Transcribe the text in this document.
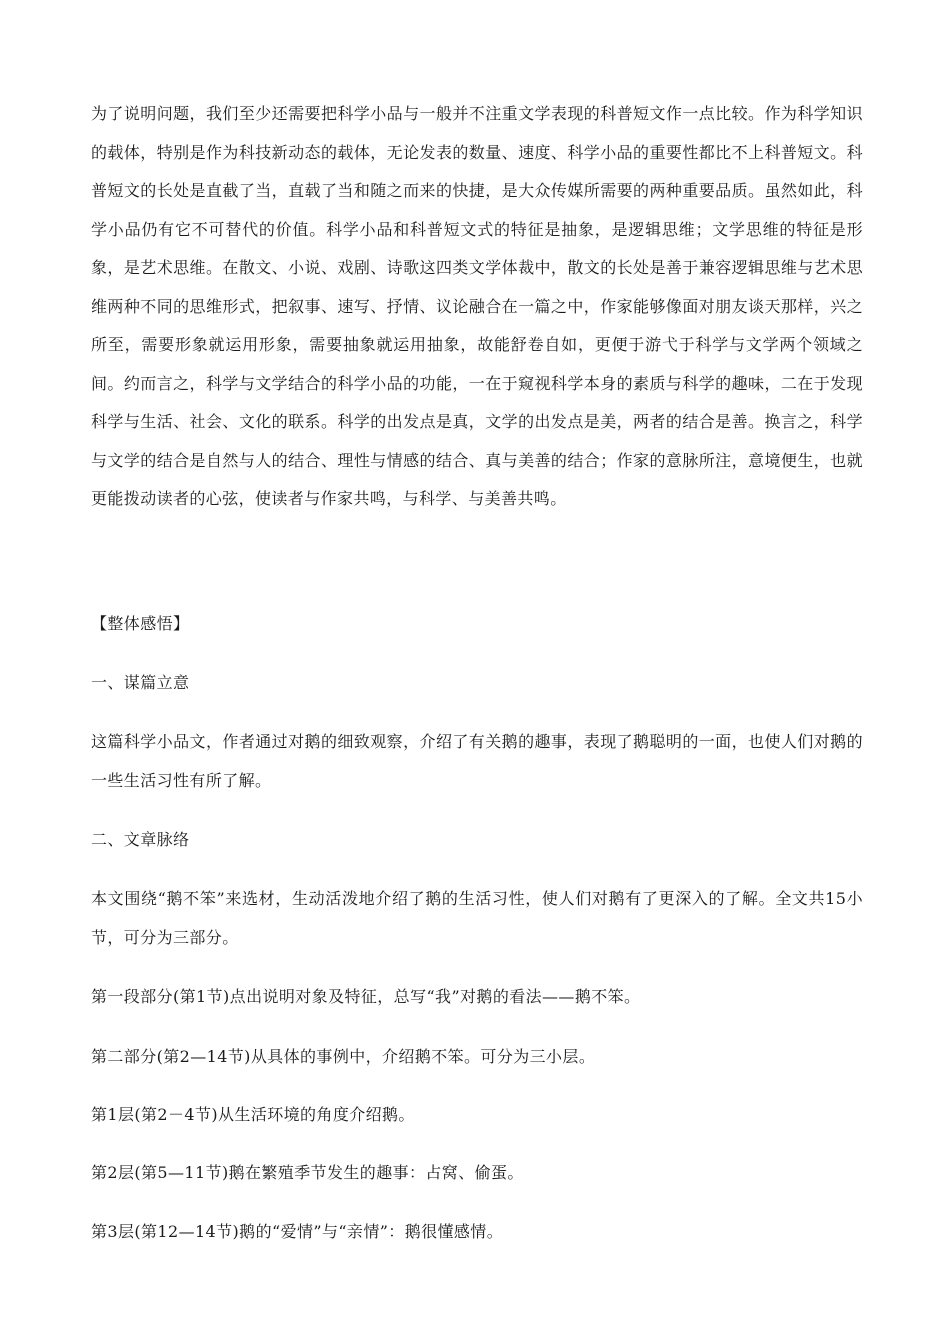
为了说明问题，我们至少还需要把科学小品与一般并不注重文学表现的科普短文作一点比较。作为科学知识的载体，特别是作为科技新动态的载体，无论发表的数量、速度、科学小品的重要性都比不上科普短文。科普短文的长处是直截了当，直载了当和随之而来的快捷，是大众传媒所需要的两种重要品质。虽然如此，科学小品仍有它不可替代的价值。科学小品和科普短文式的特征是抽象，是逻辑思维；文学思维的特征是形象，是艺术思维。在散文、小说、戏剧、诗歌这四类文学体裁中，散文的长处是善于兼容逻辑思维与艺术思维两种不同的思维形式，把叙事、速写、抒情、议论融合在一篇之中，作家能够像面对朋友谈天那样，兴之所至，需要形象就运用形象，需要抽象就运用抽象，故能舒卷自如，更便于游弋于科学与文学两个领域之间。约而言之，科学与文学结合的科学小品的功能，一在于窥视科学本身的素质与科学的趣味，二在于发现科学与生活、社会、文化的联系。科学的出发点是真，文学的出发点是美，两者的结合是善。换言之，科学与文学的结合是自然与人的结合、理性与情感的结合、真与美善的结合；作家的意脉所注，意境便生，也就更能拨动读者的心弦，使读者与作家共鸣，与科学、与美善共鸣。

【整体感悟】

一、谋篇立意

这篇科学小品文，作者通过对鹅的细致观察，介绍了有关鹅的趣事，表现了鹅聪明的一面，也使人们对鹅的一些生活习性有所了解。

二、文章脉络

本文围绕“鹅不笨”来选材，生动活泼地介绍了鹅的生活习性，使人们对鹅有了更深入的了解。全文共15小节，可分为三部分。

第一段部分(第1节)点出说明对象及特征，总写“我”对鹅的看法——鹅不笨。

第二部分(第2—14节)从具体的事例中，介绍鹅不笨。可分为三小层。

第1层(第2－4节)从生活环境的角度介绍鹅。

第2层(第5—11节)鹅在繁殖季节发生的趣事：占窝、偷蛋。

第3层(第12—14节)鹅的“爱情”与“亲情”：鹅很懂感情。
